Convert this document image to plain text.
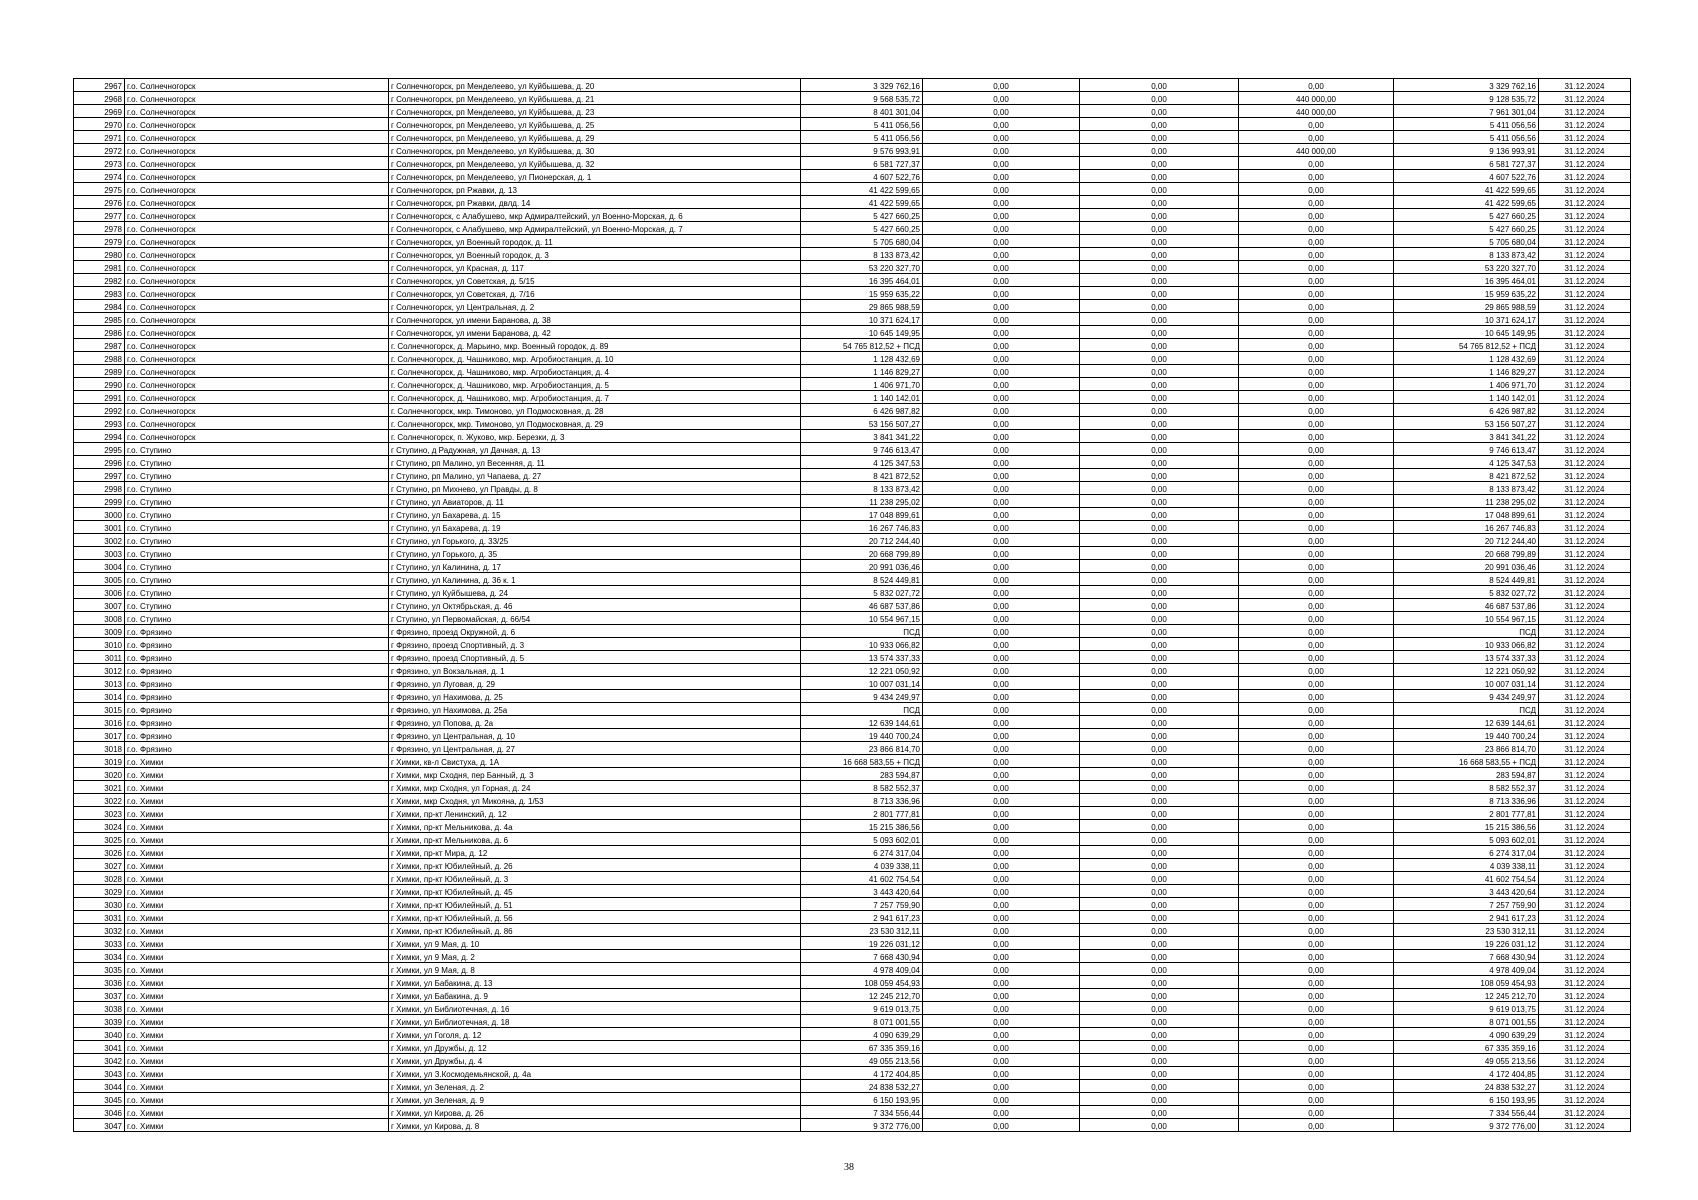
2967	г.о. Солнечногорск	г Солнечногорск, рп Менделеево, ул Куйбышева, д. 20	3 329 762,16	0,00	0,00	0,00	3 329 762,16	31.12.2024
2968	г.о. Солнечногорск	г Солнечногорск, рп Менделеево, ул Куйбышева, д. 21	9 568 535,72	0,00	0,00	440 000,00	9 128 535,72	31.12.2024
2969	г.о. Солнечногорск	г Солнечногорск, рп Менделеево, ул Куйбышева, д. 23	8 401 301,04	0,00	0,00	440 000,00	7 961 301,04	31.12.2024
2970	г.о. Солнечногорск	г Солнечногорск, рп Менделеево, ул Куйбышева, д. 25	5 411 056,56	0,00	0,00	0,00	5 411 056,56	31.12.2024
2971	г.о. Солнечногорск	г Солнечногорск, рп Менделеево, ул Куйбышева, д. 29	5 411 056,56	0,00	0,00	0,00	5 411 056,56	31.12.2024
2972	г.о. Солнечногорск	г Солнечногорск, рп Менделеево, ул Куйбышева, д. 30	9 576 993,91	0,00	0,00	440 000,00	9 136 993,91	31.12.2024
2973	г.о. Солнечногорск	г Солнечногорск, рп Менделеево, ул Куйбышева, д. 32	6 581 727,37	0,00	0,00	0,00	6 581 727,37	31.12.2024
2974	г.о. Солнечногорск	г Солнечногорск, рп Менделеево, ул Пионерская, д. 1	4 607 522,76	0,00	0,00	0,00	4 607 522,76	31.12.2024
2975	г.о. Солнечногорск	г Солнечногорск, рп Ржавки, д. 13	41 422 599,65	0,00	0,00	0,00	41 422 599,65	31.12.2024
2976	г.о. Солнечногорск	г Солнечногорск, рп Ржавки, двлд. 14	41 422 599,65	0,00	0,00	0,00	41 422 599,65	31.12.2024
2977	г.о. Солнечногорск	г Солнечногорск, с Алабушево, мкр Адмиралтейский, ул Военно-Морская, д. 6	5 427 660,25	0,00	0,00	0,00	5 427 660,25	31.12.2024
2978	г.о. Солнечногорск	г Солнечногорск, с Алабушево, мкр Адмиралтейский, ул Военно-Морская, д. 7	5 427 660,25	0,00	0,00	0,00	5 427 660,25	31.12.2024
2979	г.о. Солнечногорск	г Солнечногорск, ул Военный городок, д. 11	5 705 680,04	0,00	0,00	0,00	5 705 680,04	31.12.2024
2980	г.о. Солнечногорск	г Солнечногорск, ул Военный городок, д. 3	8 133 873,42	0,00	0,00	0,00	8 133 873,42	31.12.2024
2981	г.о. Солнечногорск	г Солнечногорск, ул Красная, д. 117	53 220 327,70	0,00	0,00	0,00	53 220 327,70	31.12.2024
2982	г.о. Солнечногорск	г Солнечногорск, ул Советская, д. 5/15	16 395 464,01	0,00	0,00	0,00	16 395 464,01	31.12.2024
2983	г.о. Солнечногорск	г Солнечногорск, ул Советская, д. 7/16	15 959 635,22	0,00	0,00	0,00	15 959 635,22	31.12.2024
2984	г.о. Солнечногорск	г Солнечногорск, ул Центральная, д. 2	29 865 988,59	0,00	0,00	0,00	29 865 988,59	31.12.2024
2985	г.о. Солнечногорск	г Солнечногорск, ул имени Баранова, д. 38	10 371 624,17	0,00	0,00	0,00	10 371 624,17	31.12.2024
2986	г.о. Солнечногорск	г Солнечногорск, ул имени Баранова, д. 42	10 645 149,95	0,00	0,00	0,00	10 645 149,95	31.12.2024
2987	г.о. Солнечногорск	г. Солнечногорск, д. Марьино, мкр. Военный городок, д. 89	54 765 812,52 + ПСД	0,00	0,00	0,00	54 765 812,52 + ПСД	31.12.2024
2988	г.о. Солнечногорск	г. Солнечногорск, д. Чашниково, мкр. Агробиостанция, д. 10	1 128 432,69	0,00	0,00	0,00	1 128 432,69	31.12.2024
2989	г.о. Солнечногорск	г. Солнечногорск, д. Чашниково, мкр. Агробиостанция, д. 4	1 146 829,27	0,00	0,00	0,00	1 146 829,27	31.12.2024
2990	г.о. Солнечногорск	г. Солнечногорск, д. Чашниково, мкр. Агробиостанция, д. 5	1 406 971,70	0,00	0,00	0,00	1 406 971,70	31.12.2024
2991	г.о. Солнечногорск	г. Солнечногорск, д. Чашниково, мкр. Агробиостанция, д. 7	1 140 142,01	0,00	0,00	0,00	1 140 142,01	31.12.2024
2992	г.о. Солнечногорск	г. Солнечногорск, мкр. Тимоново, ул Подмосковная, д. 28	6 426 987,82	0,00	0,00	0,00	6 426 987,82	31.12.2024
2993	г.о. Солнечногорск	г. Солнечногорск, мкр. Тимоново, ул Подмосковная, д. 29	53 156 507,27	0,00	0,00	0,00	53 156 507,27	31.12.2024
2994	г.о. Солнечногорск	г. Солнечногорск, п. Жуково, мкр. Березки, д. 3	3 841 341,22	0,00	0,00	0,00	3 841 341,22	31.12.2024
2995	г.о. Ступино	г Ступино, д Радужная, ул Дачная, д. 13	9 746 613,47	0,00	0,00	0,00	9 746 613,47	31.12.2024
2996	г.о. Ступино	г Ступино, рп Малино, ул Весенняя, д. 11	4 125 347,53	0,00	0,00	0,00	4 125 347,53	31.12.2024
2997	г.о. Ступино	г Ступино, рп Малино, ул Чапаева, д. 27	8 421 872,52	0,00	0,00	0,00	8 421 872,52	31.12.2024
2998	г.о. Ступино	г Ступино, рп Михнево, ул Правды, д. 8	8 133 873,42	0,00	0,00	0,00	8 133 873,42	31.12.2024
2999	г.о. Ступино	г Ступино, ул Авиаторов, д. 11	11 238 295,02	0,00	0,00	0,00	11 238 295,02	31.12.2024
3000	г.о. Ступино	г Ступино, ул Бахарева, д. 15	17 048 899,61	0,00	0,00	0,00	17 048 899,61	31.12.2024
3001	г.о. Ступино	г Ступино, ул Бахарева, д. 19	16 267 746,83	0,00	0,00	0,00	16 267 746,83	31.12.2024
3002	г.о. Ступино	г Ступино, ул Горького, д. 33/25	20 712 244,40	0,00	0,00	0,00	20 712 244,40	31.12.2024
3003	г.о. Ступино	г Ступино, ул Горького, д. 35	20 668 799,89	0,00	0,00	0,00	20 668 799,89	31.12.2024
3004	г.о. Ступино	г Ступино, ул Калинина, д. 17	20 991 036,46	0,00	0,00	0,00	20 991 036,46	31.12.2024
3005	г.о. Ступино	г Ступино, ул Калинина, д. 36 к. 1	8 524 449,81	0,00	0,00	0,00	8 524 449,81	31.12.2024
3006	г.о. Ступино	г Ступино, ул Куйбышева, д. 24	5 832 027,72	0,00	0,00	0,00	5 832 027,72	31.12.2024
3007	г.о. Ступино	г Ступино, ул Октябрьская, д. 46	46 687 537,86	0,00	0,00	0,00	46 687 537,86	31.12.2024
3008	г.о. Ступино	г Ступино, ул Первомайская, д. 66/54	10 554 967,15	0,00	0,00	0,00	10 554 967,15	31.12.2024
3009	г.о. Фрязино	г Фрязино, проезд Окружной, д. 6	ПСД	0,00	0,00	0,00	ПСД	31.12.2024
3010	г.о. Фрязино	г Фрязино, проезд Спортивный, д. 3	10 933 066,82	0,00	0,00	0,00	10 933 066,82	31.12.2024
3011	г.о. Фрязино	г Фрязино, проезд Спортивный, д. 5	13 574 337,33	0,00	0,00	0,00	13 574 337,33	31.12.2024
3012	г.о. Фрязино	г Фрязино, ул Вокзальная, д. 1	12 221 050,92	0,00	0,00	0,00	12 221 050,92	31.12.2024
3013	г.о. Фрязино	г Фрязино, ул Луговая, д. 29	10 007 031,14	0,00	0,00	0,00	10 007 031,14	31.12.2024
3014	г.о. Фрязино	г Фрязино, ул Нахимова, д. 25	9 434 249,97	0,00	0,00	0,00	9 434 249,97	31.12.2024
3015	г.о. Фрязино	г Фрязино, ул Нахимова, д. 25а	ПСД	0,00	0,00	0,00	ПСД	31.12.2024
3016	г.о. Фрязино	г Фрязино, ул Попова, д. 2а	12 639 144,61	0,00	0,00	0,00	12 639 144,61	31.12.2024
3017	г.о. Фрязино	г Фрязино, ул Центральная, д. 10	19 440 700,24	0,00	0,00	0,00	19 440 700,24	31.12.2024
3018	г.о. Фрязино	г Фрязино, ул Центральная, д. 27	23 866 814,70	0,00	0,00	0,00	23 866 814,70	31.12.2024
3019	г.о. Химки	г Химки, кв-л Свистуха, д. 1А	16 668 583,55 + ПСД	0,00	0,00	0,00	16 668 583,55 + ПСД	31.12.2024
3020	г.о. Химки	г Химки, мкр Сходня, пер Банный, д. 3	283 594,87	0,00	0,00	0,00	283 594,87	31.12.2024
3021	г.о. Химки	г Химки, мкр Сходня, ул Горная, д. 24	8 582 552,37	0,00	0,00	0,00	8 582 552,37	31.12.2024
3022	г.о. Химки	г Химки, мкр Сходня, ул Микояна, д. 1/53	8 713 336,96	0,00	0,00	0,00	8 713 336,96	31.12.2024
3023	г.о. Химки	г Химки, пр-кт Ленинский, д. 12	2 801 777,81	0,00	0,00	0,00	2 801 777,81	31.12.2024
3024	г.о. Химки	г Химки, пр-кт Мельникова, д. 4а	15 215 386,56	0,00	0,00	0,00	15 215 386,56	31.12.2024
3025	г.о. Химки	г Химки, пр-кт Мельникова, д. 6	5 093 602,01	0,00	0,00	0,00	5 093 602,01	31.12.2024
3026	г.о. Химки	г Химки, пр-кт Мира, д. 12	6 274 317,04	0,00	0,00	0,00	6 274 317,04	31.12.2024
3027	г.о. Химки	г Химки, пр-кт Юбилейный, д. 26	4 039 338,11	0,00	0,00	0,00	4 039 338,11	31.12.2024
3028	г.о. Химки	г Химки, пр-кт Юбилейный, д. 3	41 602 754,54	0,00	0,00	0,00	41 602 754,54	31.12.2024
3029	г.о. Химки	г Химки, пр-кт Юбилейный, д. 45	3 443 420,64	0,00	0,00	0,00	3 443 420,64	31.12.2024
3030	г.о. Химки	г Химки, пр-кт Юбилейный, д. 51	7 257 759,90	0,00	0,00	0,00	7 257 759,90	31.12.2024
3031	г.о. Химки	г Химки, пр-кт Юбилейный, д. 56	2 941 617,23	0,00	0,00	0,00	2 941 617,23	31.12.2024
3032	г.о. Химки	г Химки, пр-кт Юбилейный, д. 86	23 530 312,11	0,00	0,00	0,00	23 530 312,11	31.12.2024
3033	г.о. Химки	г Химки, ул 9 Мая, д. 10	19 226 031,12	0,00	0,00	0,00	19 226 031,12	31.12.2024
3034	г.о. Химки	г Химки, ул 9 Мая, д. 2	7 668 430,94	0,00	0,00	0,00	7 668 430,94	31.12.2024
3035	г.о. Химки	г Химки, ул 9 Мая, д. 8	4 978 409,04	0,00	0,00	0,00	4 978 409,04	31.12.2024
3036	г.о. Химки	г Химки, ул Бабакина, д. 13	108 059 454,93	0,00	0,00	0,00	108 059 454,93	31.12.2024
3037	г.о. Химки	г Химки, ул Бабакина, д. 9	12 245 212,70	0,00	0,00	0,00	12 245 212,70	31.12.2024
3038	г.о. Химки	г Химки, ул Библиотечная, д. 16	9 619 013,75	0,00	0,00	0,00	9 619 013,75	31.12.2024
3039	г.о. Химки	г Химки, ул Библиотечная, д. 18	8 071 001,55	0,00	0,00	0,00	8 071 001,55	31.12.2024
3040	г.о. Химки	г Химки, ул Гоголя, д. 12	4 090 639,29	0,00	0,00	0,00	4 090 639,29	31.12.2024
3041	г.о. Химки	г Химки, ул Дружбы, д. 12	67 335 359,16	0,00	0,00	0,00	67 335 359,16	31.12.2024
3042	г.о. Химки	г Химки, ул Дружбы, д. 4	49 055 213,56	0,00	0,00	0,00	49 055 213,56	31.12.2024
3043	г.о. Химки	г Химки, ул З.Космодемьянской, д. 4а	4 172 404,85	0,00	0,00	0,00	4 172 404,85	31.12.2024
3044	г.о. Химки	г Химки, ул Зеленая, д. 2	24 838 532,27	0,00	0,00	0,00	24 838 532,27	31.12.2024
3045	г.о. Химки	г Химки, ул Зеленая, д. 9	6 150 193,95	0,00	0,00	0,00	6 150 193,95	31.12.2024
3046	г.о. Химки	г Химки, ул Кирова, д. 26	7 334 556,44	0,00	0,00	0,00	7 334 556,44	31.12.2024
3047	г.о. Химки	г Химки, ул Кирова, д. 8	9 372 776,00	0,00	0,00	0,00	9 372 776,00	31.12.2024
38
